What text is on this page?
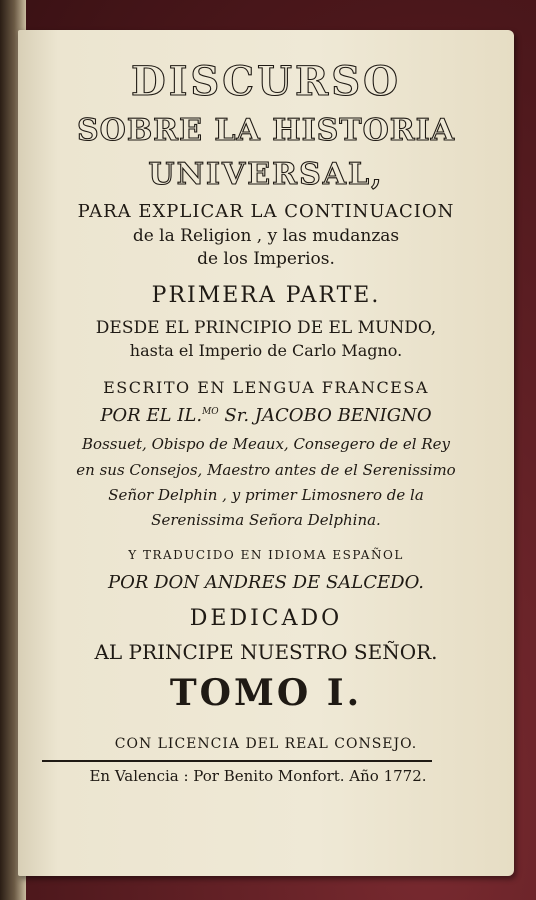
DISCURSO
SOBRE LA HISTORIA
UNIVERSAL,
PARA EXPLICAR LA CONTINUACION
de la Religion , y las mudanzas
de los Imperios.
PRIMERA PARTE.
DESDE EL PRINCIPIO DE EL MUNDO,
hasta el Imperio de Carlo Magno.
ESCRITO EN LENGUA FRANCESA
POR EL IL.$^{MO}$ Sr. JACOBO BENIGNO
Bossuet, Obispo de Meaux, Consegero de el Rey
en sus Consejos, Maestro antes de el Serenissimo
Señor Delphin , y primer Limosnero de la
Serenissima Señora Delphina.
Y TRADUCIDO EN IDIOMA ESPAÑOL
POR DON ANDRES DE SALCEDO.
DEDICADO
AL PRINCIPE NUESTRO SEÑOR.
TOMO I.
CON LICENCIA DEL REAL CONSEJO.
En Valencia : Por Benito Monfort. Año 1772.
